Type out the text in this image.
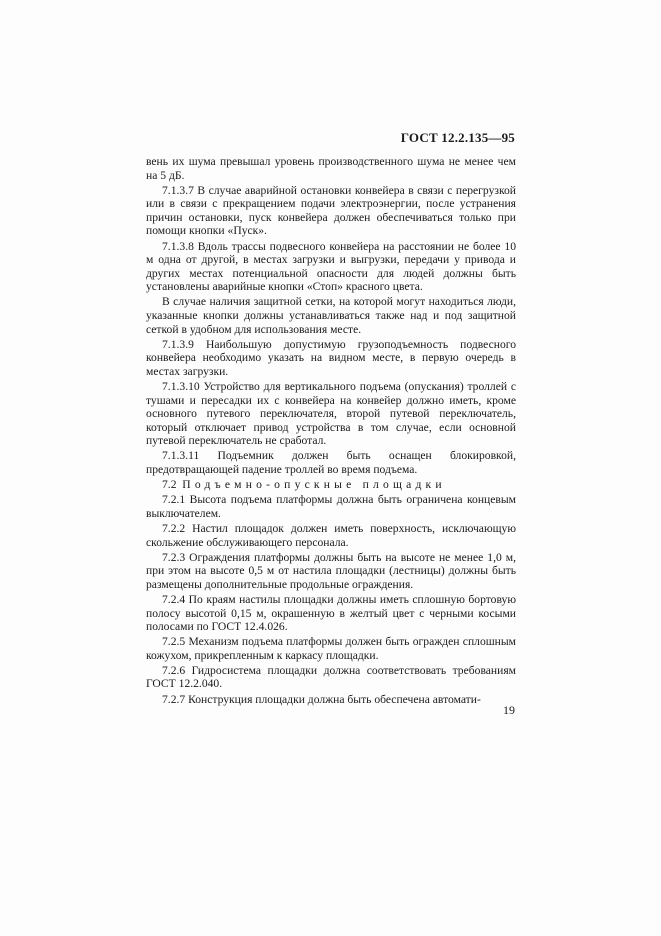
ГОСТ 12.2.135—95

вень их шума превышал уровень производственного шума не менее чем на 5 дБ.

7.1.3.7 В случае аварийной остановки конвейера в связи с перегрузкой или в связи с прекращением подачи электроэнергии, после устранения причин остановки, пуск конвейера должен обеспечиваться только при помощи кнопки «Пуск».

7.1.3.8 Вдоль трассы подвесного конвейера на расстоянии не более 10 м одна от другой, в местах загрузки и выгрузки, передачи у привода и других местах потенциальной опасности для людей должны быть установлены аварийные кнопки «Стоп» красного цвета.

В случае наличия защитной сетки, на которой могут находиться люди, указанные кнопки должны устанавливаться также над и под защитной сеткой в удобном для использования месте.

7.1.3.9 Наибольшую допустимую грузоподъемность подвесного конвейера необходимо указать на видном месте, в первую очередь в местах загрузки.

7.1.3.10 Устройство для вертикального подъема (опускания) троллей с тушами и пересадки их с конвейера на конвейер должно иметь, кроме основного путевого переключателя, второй путевой переключатель, который отключает привод устройства в том случае, если основной путевой переключатель не сработал.

7.1.3.11 Подъемник должен быть оснащен блокировкой, предотвращающей падение троллей во время подъема.

7.2 Подъемно-опускные площадки

7.2.1 Высота подъема платформы должна быть ограничена концевым выключателем.

7.2.2 Настил площадок должен иметь поверхность, исключающую скольжение обслуживающего персонала.

7.2.3 Ограждения платформы должны быть на высоте не менее 1,0 м, при этом на высоте 0,5 м от настила площадки (лестницы) должны быть размещены дополнительные продольные ограждения.

7.2.4 По краям настилы площадки должны иметь сплошную бортовую полосу высотой 0,15 м, окрашенную в желтый цвет с черными косыми полосами по ГОСТ 12.4.026.

7.2.5 Механизм подъема платформы должен быть огражден сплошным кожухом, прикрепленным к каркасу площадки.

7.2.6 Гидросистема площадки должна соответствовать требованиям ГОСТ 12.2.040.

7.2.7 Конструкция площадки должна быть обеспечена автомати-

19
